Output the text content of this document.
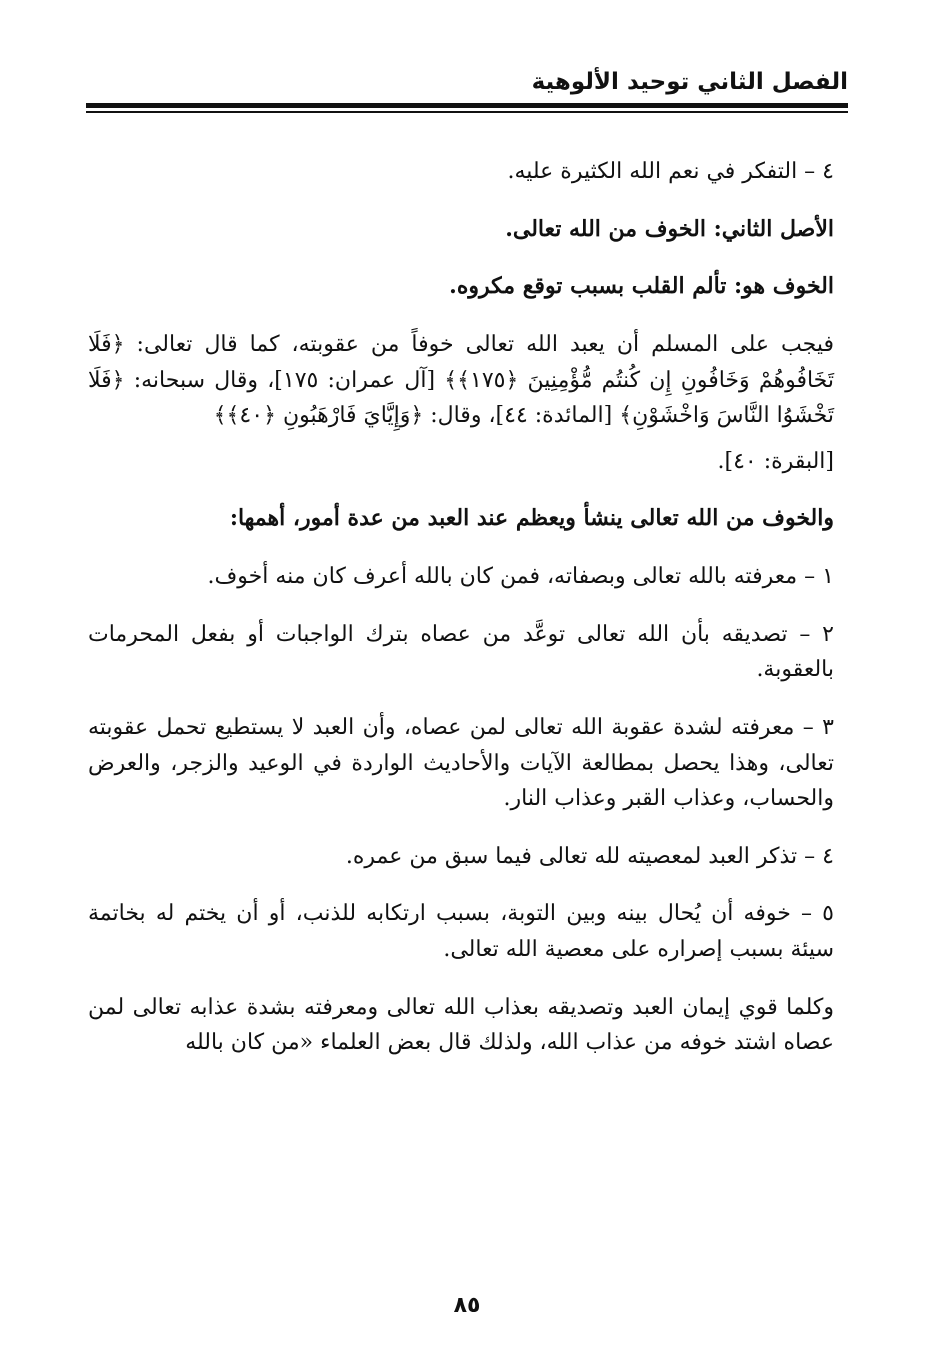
الفصل الثاني توحيد الألوهية

٤ – التفكر في نعم الله الكثيرة عليه.

الأصل الثاني: الخوف من الله تعالى.

الخوف هو: تألم القلب بسبب توقع مكروه.

فيجب على المسلم أن يعبد الله تعالى خوفاً من عقوبته، كما قال تعالى: ﴿فَلَا تَخَافُوهُمْ وَخَافُونِ إِن كُنتُم مُّؤْمِنِينَ ﴿١٧٥﴾﴾ [آل عمران: ١٧٥]، وقال سبحانه: ﴿فَلَا تَخْشَوُا النَّاسَ وَاخْشَوْنِ﴾ [المائدة: ٤٤]، وقال: ﴿وَإِيَّايَ فَارْهَبُونِ ﴿٤٠﴾﴾

[البقرة: ٤٠].

والخوف من الله تعالى ينشأ ويعظم عند العبد من عدة أمور، أهمها:

١ – معرفته بالله تعالى وبصفاته، فمن كان بالله أعرف كان منه أخوف.

٢ – تصديقه بأن الله تعالى توعَّد من عصاه بترك الواجبات أو بفعل المحرمات بالعقوبة.

٣ – معرفته لشدة عقوبة الله تعالى لمن عصاه، وأن العبد لا يستطيع تحمل عقوبته تعالى، وهذا يحصل بمطالعة الآيات والأحاديث الواردة في الوعيد والزجر، والعرض والحساب، وعذاب القبر وعذاب النار.

٤ – تذكر العبد لمعصيته لله تعالى فيما سبق من عمره.

٥ – خوفه أن يُحال بينه وبين التوبة، بسبب ارتكابه للذنب، أو أن يختم له بخاتمة سيئة بسبب إصراره على معصية الله تعالى.

وكلما قوي إيمان العبد وتصديقه بعذاب الله تعالى ومعرفته بشدة عذابه تعالى لمن عصاه اشتد خوفه من عذاب الله، ولذلك قال بعض العلماء «من كان بالله

٨٥
